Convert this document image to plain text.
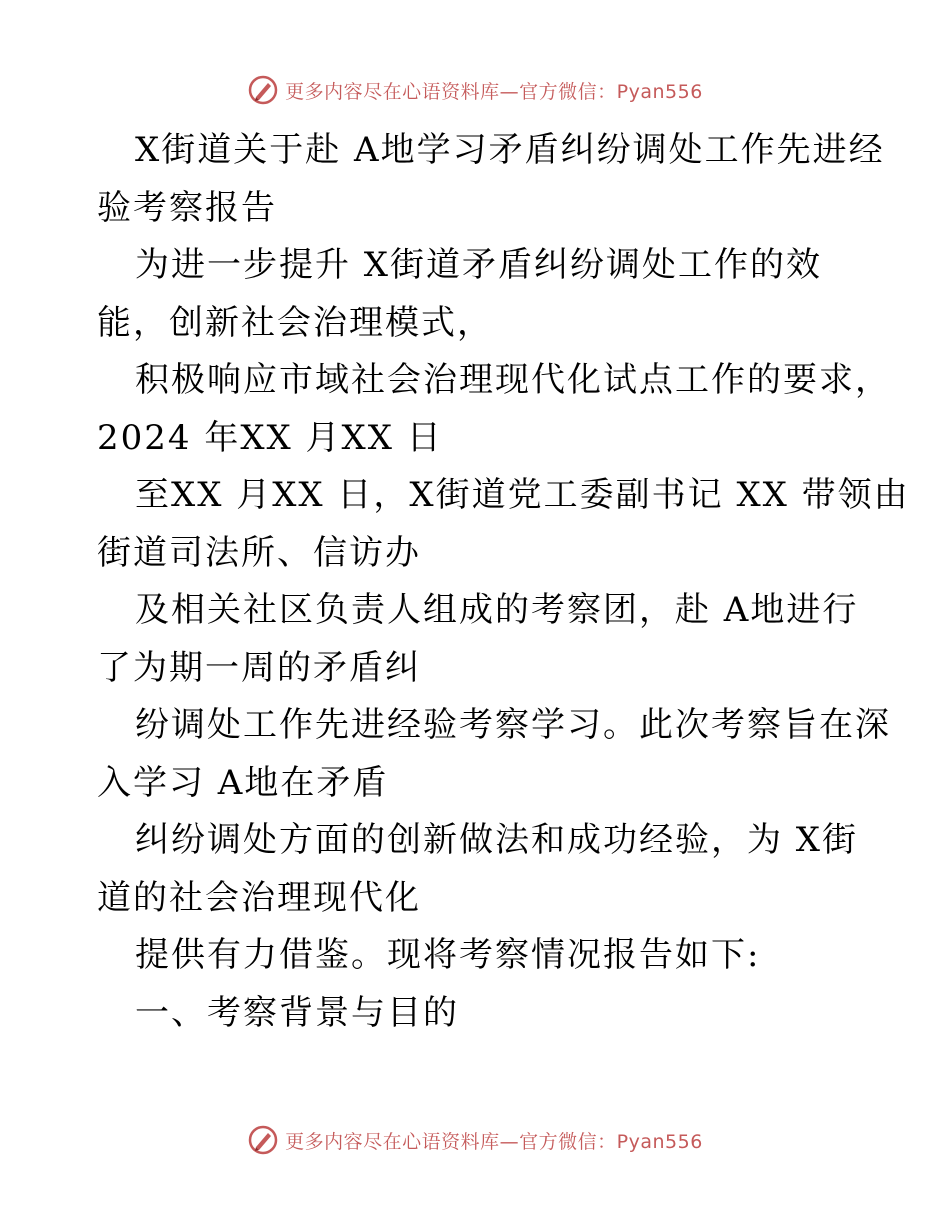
更多内容尽在心语资料库—官方微信：Pyan556
X街道关于赴 A地学习矛盾纠纷调处工作先进经
验考察报告
为进一步提升 X街道矛盾纠纷调处工作的效
能，创新社会治理模式，
积极响应市域社会治理现代化试点工作的要求，
2024 年XX 月XX 日
至XX 月XX 日，X街道党工委副书记 XX 带领由
街道司法所、信访办
及相关社区负责人组成的考察团，赴 A地进行
了为期一周的矛盾纠
纷调处工作先进经验考察学习。此次考察旨在深
入学习 A地在矛盾
纠纷调处方面的创新做法和成功经验，为 X街
道的社会治理现代化
提供有力借鉴。现将考察情况报告如下:
一、考察背景与目的
更多内容尽在心语资料库—官方微信：Pyan556
